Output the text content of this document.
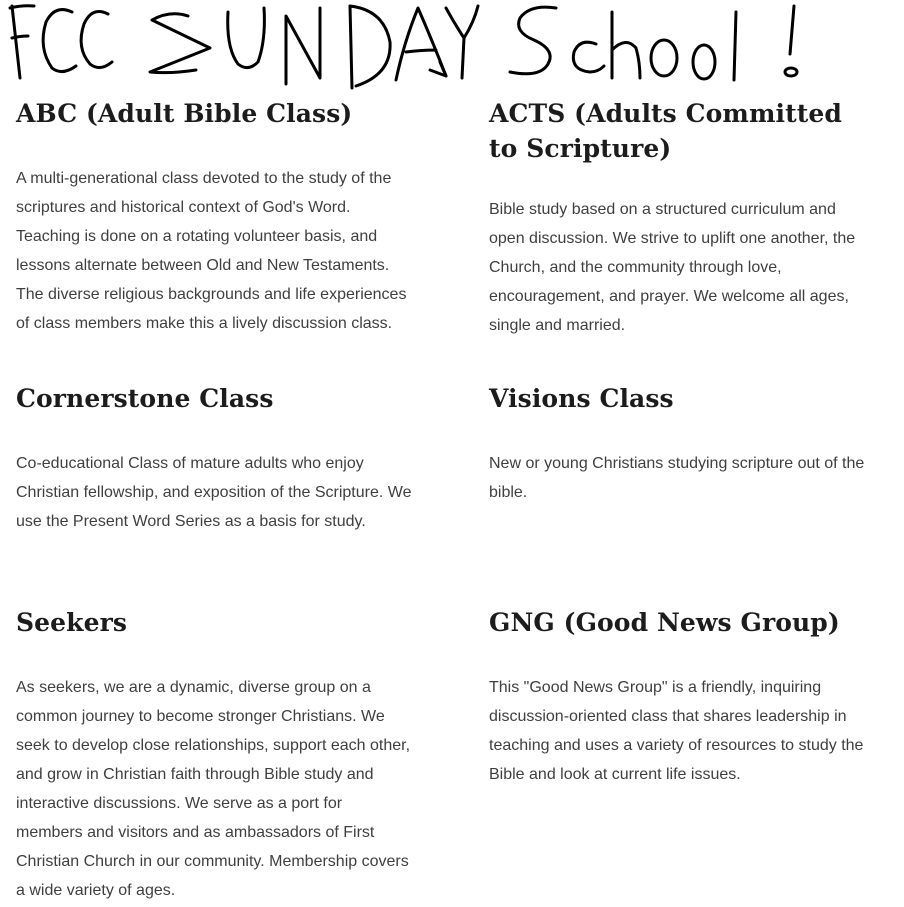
ABC (Adult Bible Class)

A multi-generational class devoted to the study of the scriptures and historical context of God's Word. Teaching is done on a rotating volunteer basis, and lessons alternate between Old and New Testaments. The diverse religious backgrounds and life experiences of class members make this a lively discussion class.

ACTS (Adults Committed to Scripture)

Bible study based on a structured curriculum and open discussion. We strive to uplift one another, the Church, and the community through love, encouragement, and prayer. We welcome all ages, single and married.

Cornerstone Class

Co-educational Class of mature adults who enjoy Christian fellowship, and exposition of the Scripture. We use the Present Word Series as a basis for study.

Visions Class

New or young Christians studying scripture out of the bible.

Seekers

As seekers, we are a dynamic, diverse group on a common journey to become stronger Christians. We seek to develop close relationships, support each other, and grow in Christian faith through Bible study and interactive discussions. We serve as a port for members and visitors and as ambassadors of First Christian Church in our community. Membership covers a wide variety of ages.

GNG (Good News Group)

This "Good News Group" is a friendly, inquiring discussion-oriented class that shares leadership in teaching and uses a variety of resources to study the Bible and look at current life issues.
